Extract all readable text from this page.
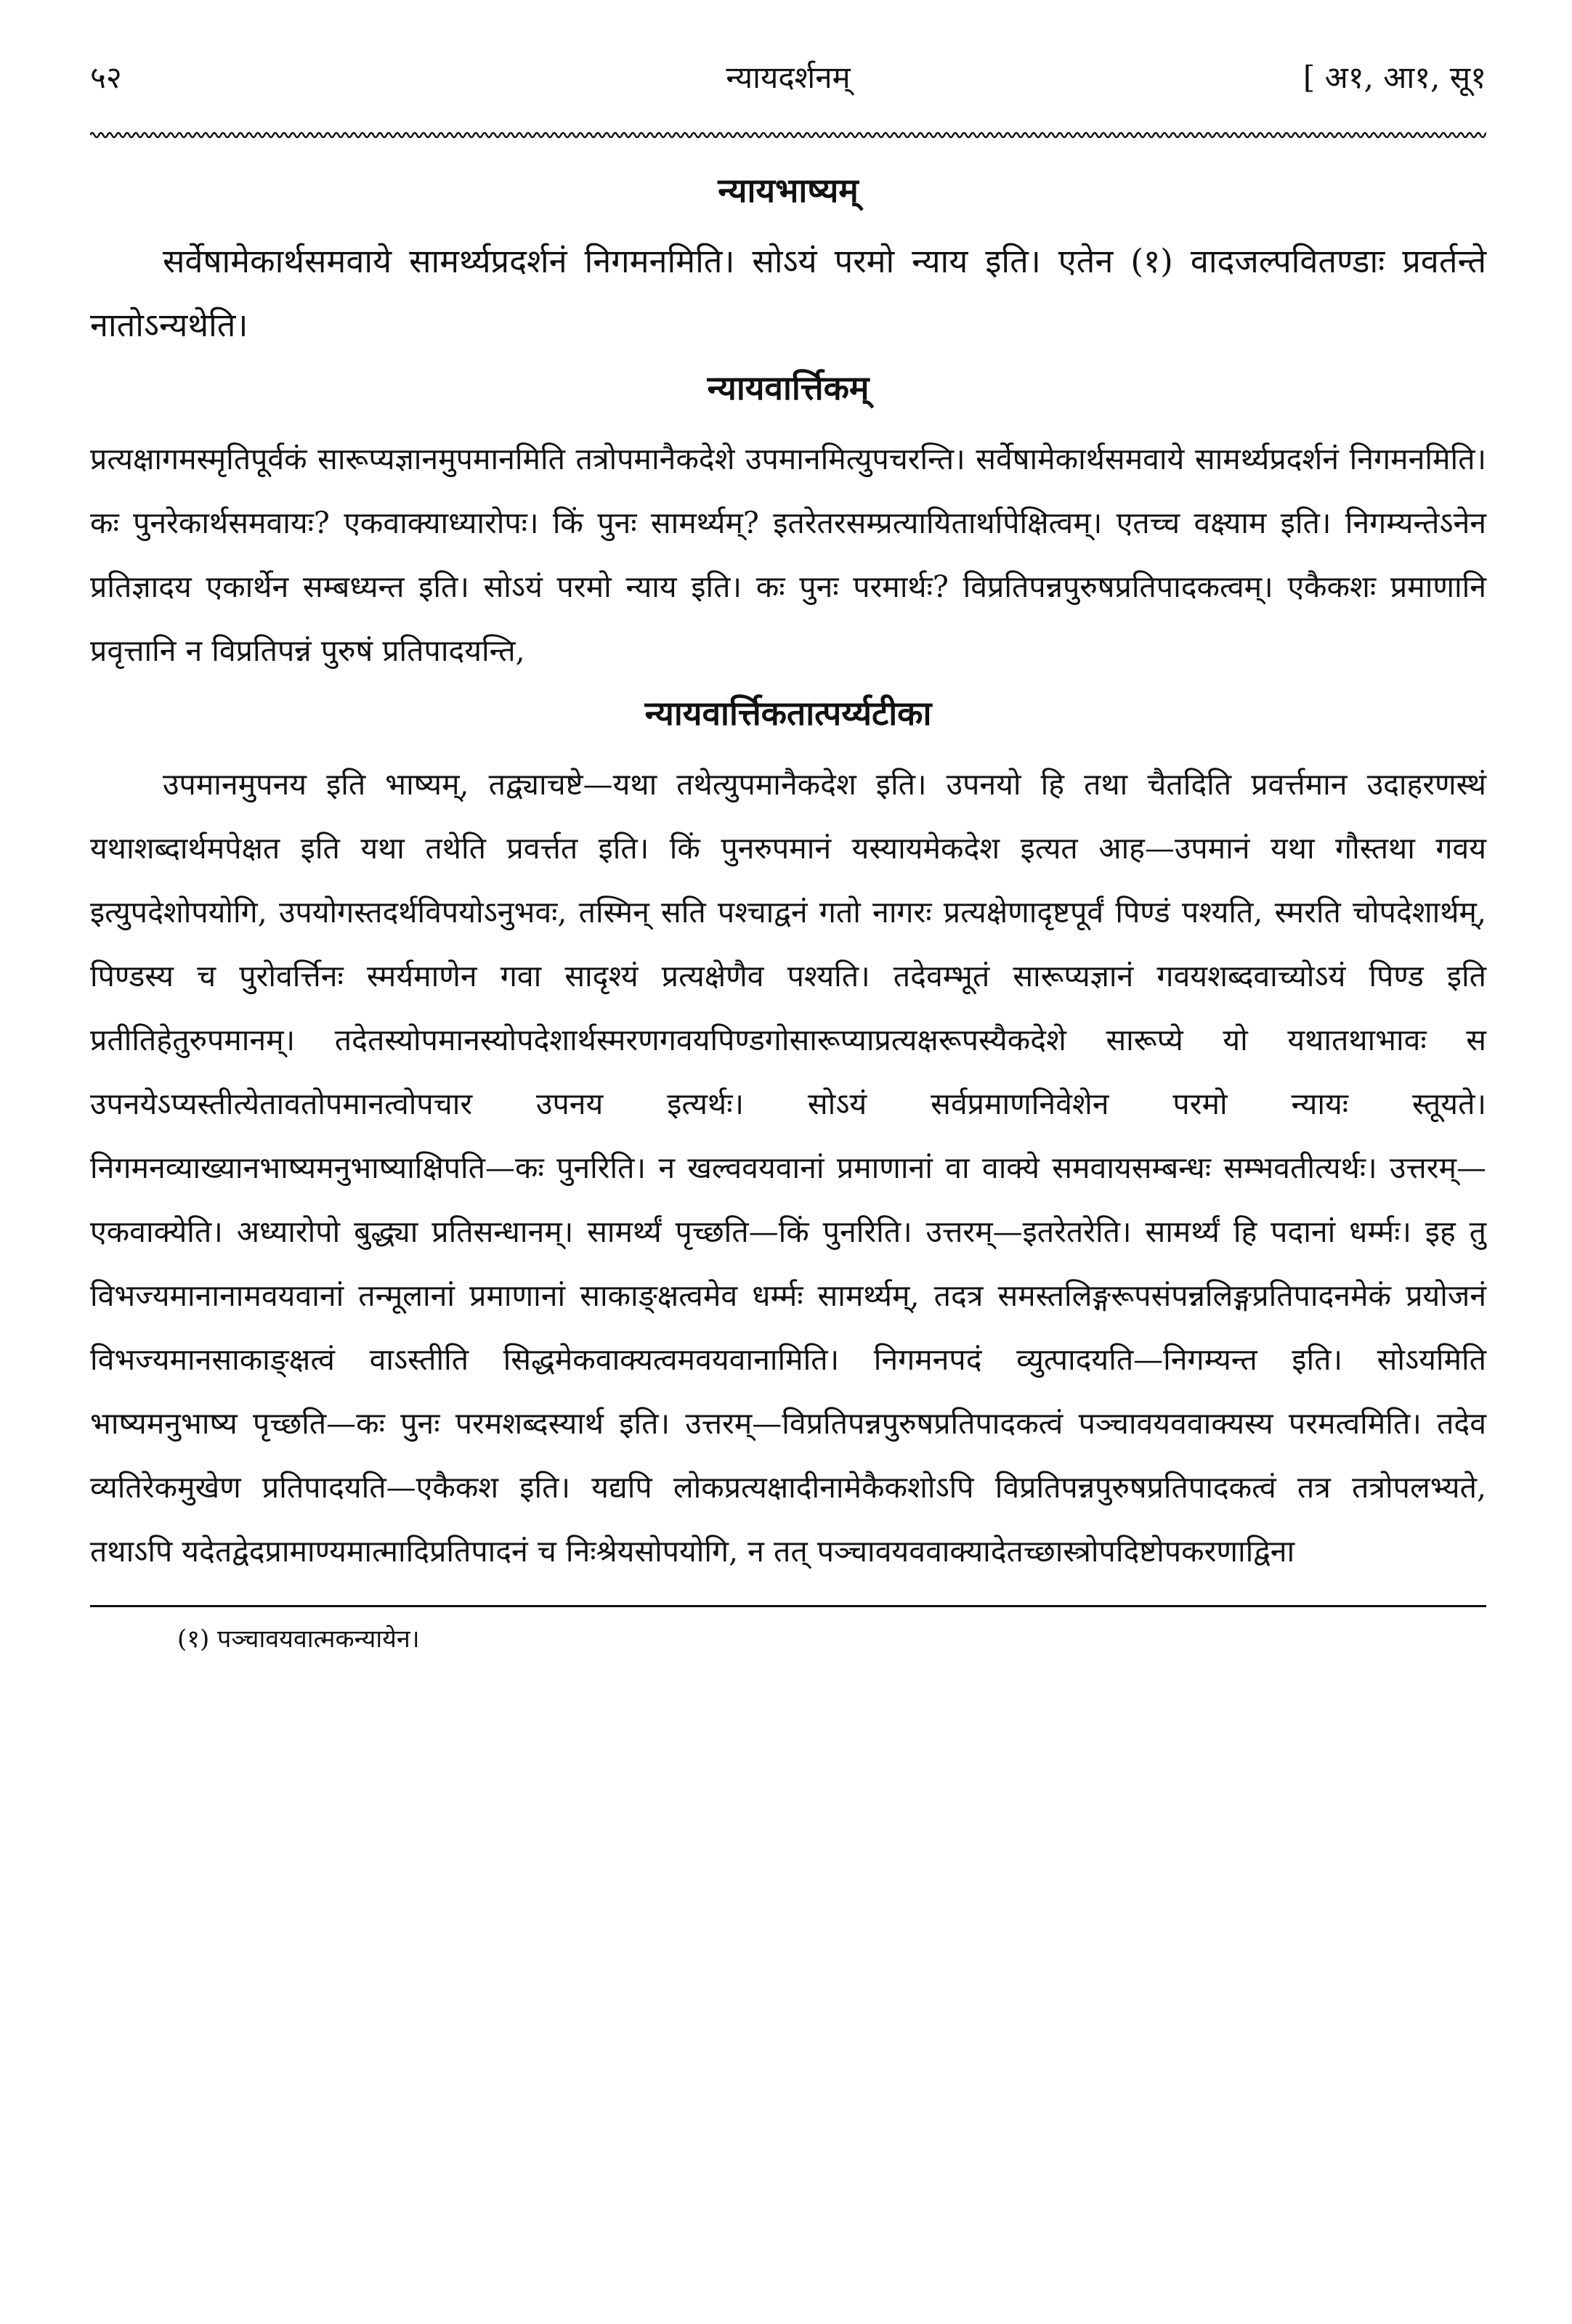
५२	न्यायदर्शनम्	[ अ१, आ१, सू१
न्यायभाष्यम्

सर्वेषामेकार्थसमवाये सामर्थ्यप्रदर्शनं निगमनमिति। सोऽयं परमो न्याय इति। एतेन (१) वादजल्पवितण्डाः प्रवर्तन्ते नातोऽन्यथेति।

न्यायवार्त्तिकम्

प्रत्यक्षागमस्मृतिपूर्वकं सारूप्यज्ञानमुपमानमिति तत्रोपमानैकदेशे उपमानमित्युपचरन्ति। सर्वेषामेकार्थसमवाये सामर्थ्यप्रदर्शनं निगमनमिति। कः पुनरेकार्थसमवायः? एकवाक्याध्यारोपः। किं पुनः सामर्थ्यम्? इतरेतरसम्प्रत्यायितार्थापेक्षित्वम्। एतच्च वक्ष्याम इति। निगम्यन्तेऽनेन प्रतिज्ञादय एकार्थेन सम्बध्यन्त इति। सोऽयं परमो न्याय इति। कः पुनः परमार्थः? विप्रतिपन्नपुरुषप्रतिपादकत्वम्। एकैकशः प्रमाणानि प्रवृत्तानि न विप्रतिपन्नं पुरुषं प्रतिपादयन्ति,

न्यायवार्त्तिकतात्पर्य्यटीका

उपमानमुपनय इति भाष्यम्, तद्व्याचष्टे—यथा तथेत्युपमानैकदेश इति। उपनयो हि तथा चैतदिति प्रवर्त्तमान उदाहरणस्थं यथाशब्दार्थमपेक्षत इति यथा तथेति प्रवर्त्तत इति। किं पुनरुपमानं यस्यायमेकदेश इत्यत आह—उपमानं यथा गौस्तथा गवय इत्युपदेशोपयोगि, उपयोगस्तदर्थविपयोऽनुभवः, तस्मिन् सति पश्चाद्वनं गतो नागरः प्रत्यक्षेणादृष्टपूर्वं पिण्डं पश्यति, स्मरति चोपदेशार्थम्, पिण्डस्य च पुरोवर्त्तिनः स्मर्यमाणेन गवा सादृश्यं प्रत्यक्षेणैव पश्यति। तदेवम्भूतं सारूप्यज्ञानं गवयशब्दवाच्योऽयं पिण्ड इति प्रतीतिहेतुरुपमानम्। तदेतस्योपमानस्योपदेशार्थस्मरणगवयपिण्डगोसारूप्याप्रत्यक्षरूपस्यैकदेशे सारूप्ये यो यथातथाभावः स उपनयेऽप्यस्तीत्येतावतोपमानत्वोपचार उपनय इत्यर्थः। सोऽयं सर्वप्रमाणनिवेशेन परमो न्यायः स्तूयते। निगमनव्याख्यानभाष्यमनुभाष्याक्षिपति—कः पुनरिति। न खल्ववयवानां प्रमाणानां वा वाक्ये समवायसम्बन्धः सम्भवतीत्यर्थः। उत्तरम्—एकवाक्येति। अध्यारोपो बुद्ध्या प्रतिसन्धानम्। सामर्थ्यं पृच्छति—किं पुनरिति। उत्तरम्—इतरेतरेति। सामर्थ्यं हि पदानां धर्म्मः। इह तु विभज्यमानानामवयवानां तन्मूलानां प्रमाणानां साकाङ्क्षत्वमेव धर्म्मः सामर्थ्यम्, तदत्र समस्तलिङ्गरूपसंपन्नलिङ्गप्रतिपादनमेकं प्रयोजनं विभज्यमानसाकाङ्क्षत्वं वाऽस्तीति सिद्धमेकवाक्यत्वमवयवानामिति। निगमनपदं व्युत्पादयति—निगम्यन्त इति। सोऽयमिति भाष्यमनुभाष्य पृच्छति—कः पुनः परमशब्दस्यार्थ इति। उत्तरम्—विप्रतिपन्नपुरुषप्रतिपादकत्वं पञ्चावयववाक्यस्य परमत्वमिति। तदेव व्यतिरेकमुखेण प्रतिपादयति—एकैकश इति। यद्यपि लोकप्रत्यक्षादीनामेकैकशोऽपि विप्रतिपन्नपुरुषप्रतिपादकत्वं तत्र तत्रोपलभ्यते, तथाऽपि यदेतद्वेदप्रामाण्यमात्मादिप्रतिपादनं च निःश्रेयसोपयोगि, न तत् पञ्चावयववाक्यादेतच्छास्त्रोपदिष्टोपकरणाद्विना

(१) पञ्चावयवात्मकन्यायेन।
